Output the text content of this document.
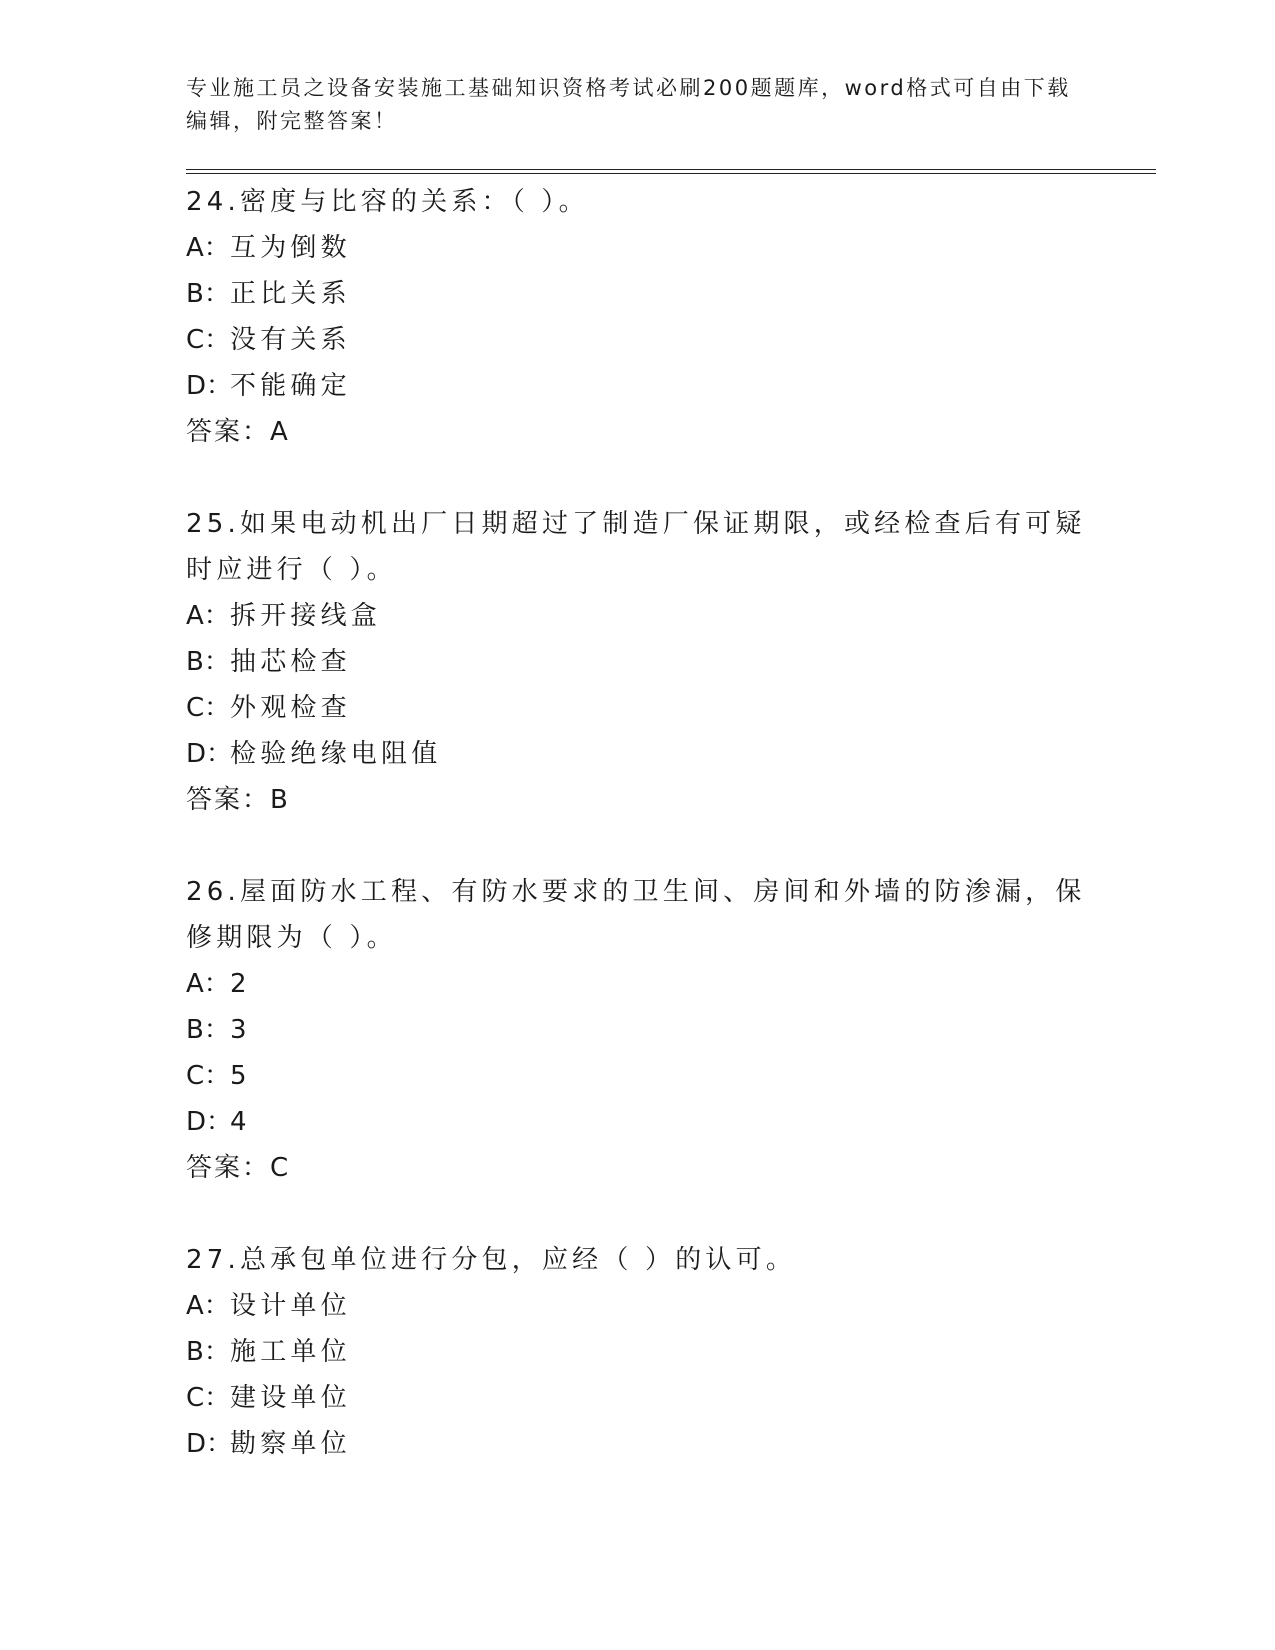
专业施工员之设备安装施工基础知识资格考试必刷200题题库，word格式可自由下载编辑，附完整答案！

24.密度与比容的关系：（ ）。

A：互为倒数

B：正比关系

C：没有关系

D：不能确定

答案：A

25.如果电动机出厂日期超过了制造厂保证期限，或经检查后有可疑时应进行（ ）。

A：拆开接线盒

B：抽芯检查

C：外观检查

D：检验绝缘电阻值

答案：B

26.屋面防水工程、有防水要求的卫生间、房间和外墙的防渗漏，保修期限为（ ）。

A：2

B：3

C：5

D：4

答案：C

27.总承包单位进行分包，应经（ ）的认可。

A：设计单位

B：施工单位

C：建设单位

D：勘察单位
